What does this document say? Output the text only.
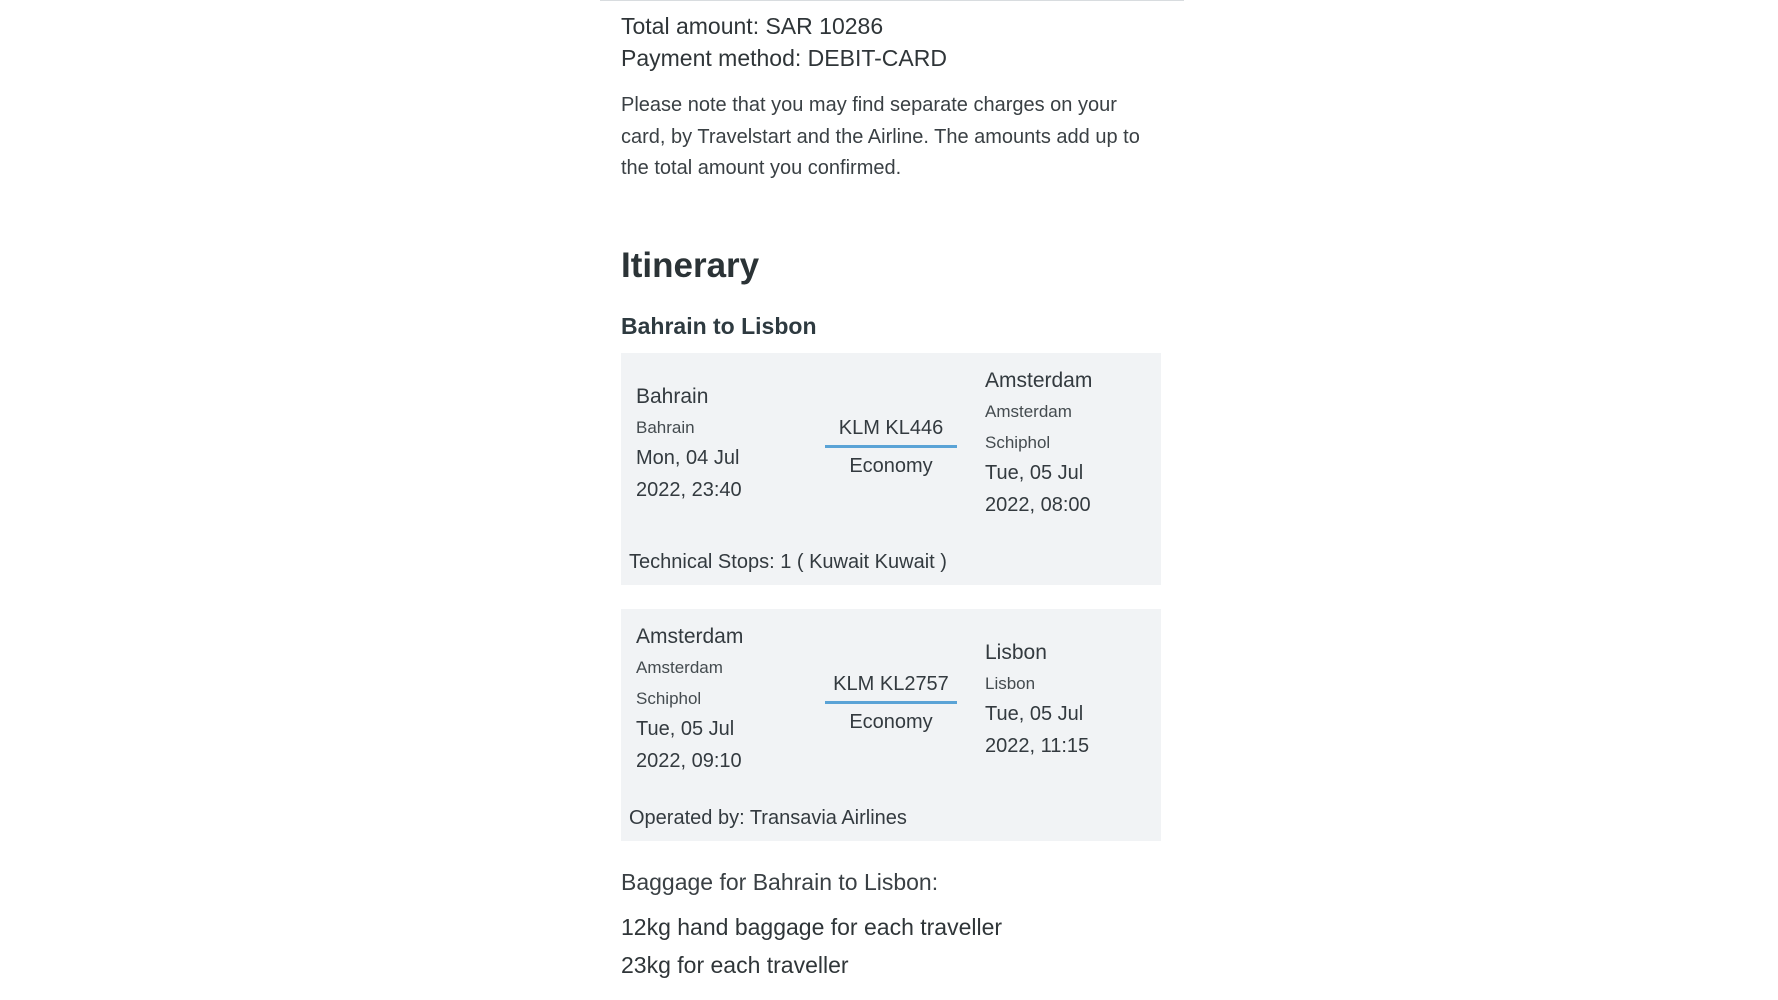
Total amount: SAR 10286
Payment method: DEBIT-CARD
Please note that you may find separate charges on your card, by Travelstart and the Airline. The amounts add up to the total amount you confirmed.
Itinerary
Bahrain to Lisbon
Bahrain
Bahrain
Mon, 04 Jul 2022, 23:40
KLM KL446
Economy
Amsterdam
Amsterdam Schiphol
Tue, 05 Jul 2022, 08:00
Technical Stops: 1 ( Kuwait Kuwait )
Amsterdam
Amsterdam Schiphol
Tue, 05 Jul 2022, 09:10
KLM KL2757
Economy
Lisbon
Lisbon
Tue, 05 Jul 2022, 11:15
Operated by: Transavia Airlines
Baggage for Bahrain to Lisbon:
12kg hand baggage for each traveller
23kg for each traveller
